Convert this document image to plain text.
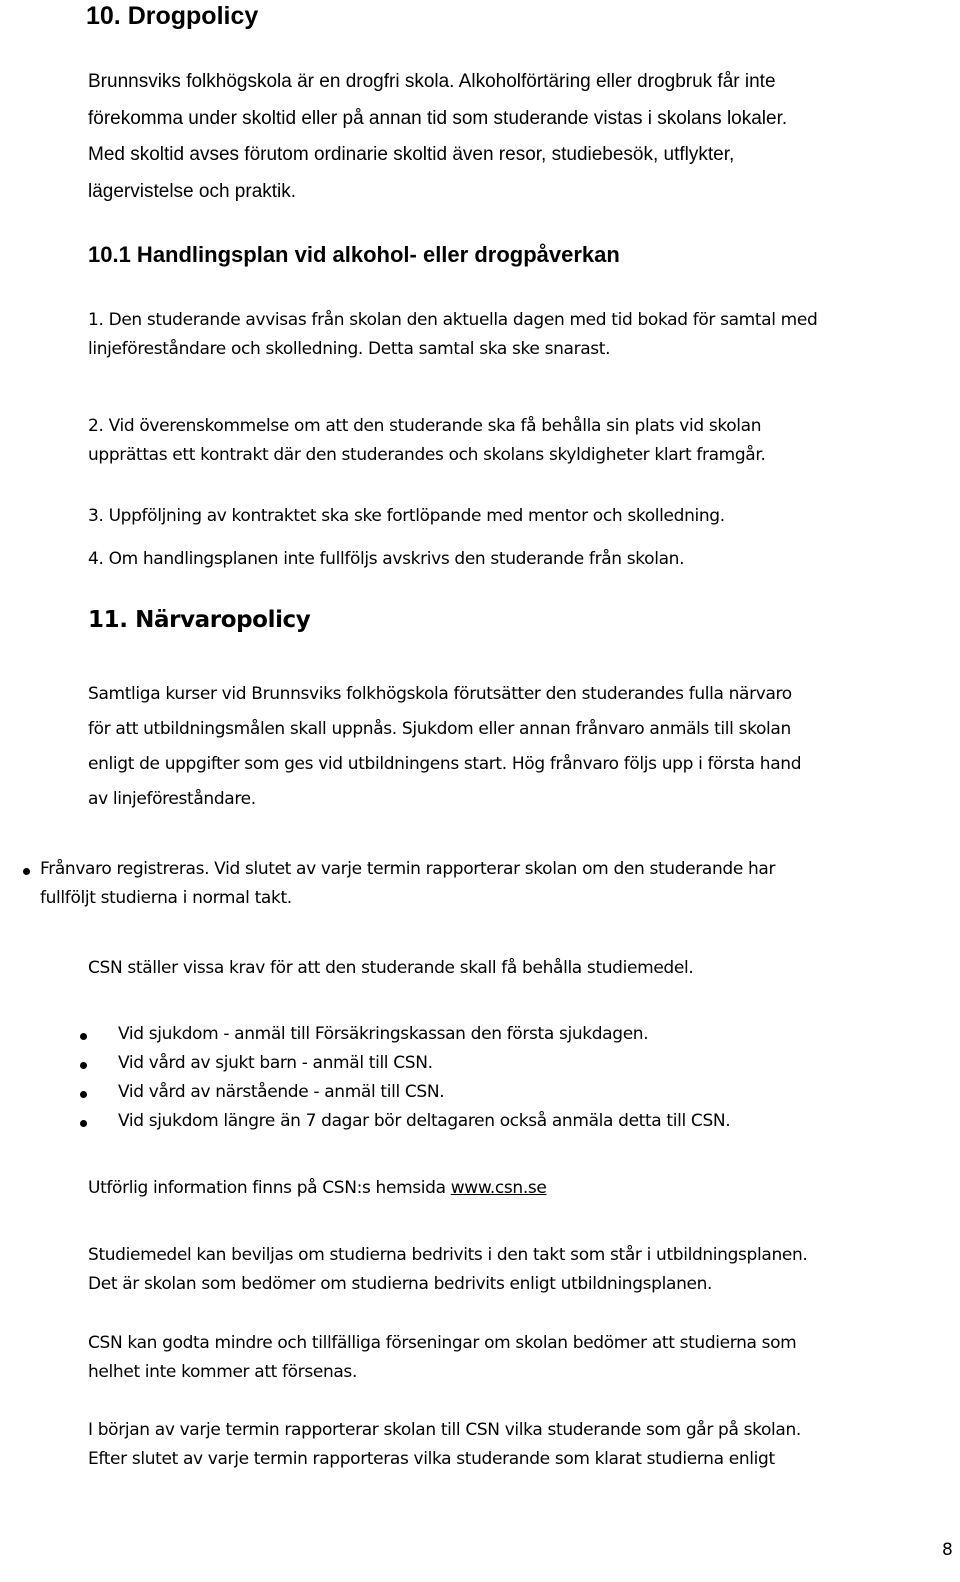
10. Drogpolicy

Brunnsviks folkhögskola är en drogfri skola. Alkoholförtäring eller drogbruk får inte
förekomma under skoltid eller på annan tid som studerande vistas i skolans lokaler.
Med skoltid avses förutom ordinarie skoltid även resor, studiebesök, utflykter,
lägervistelse och praktik.

10.1 Handlingsplan vid alkohol- eller drogpåverkan

1. Den studerande avvisas från skolan den aktuella dagen med tid bokad för samtal med
linjeföreståndare och skolledning. Detta samtal ska ske snarast.

2. Vid överenskommelse om att den studerande ska få behålla sin plats vid skolan
upprättas ett kontrakt där den studerandes och skolans skyldigheter klart framgår.

3. Uppföljning av kontraktet ska ske fortlöpande med mentor och skolledning.

4. Om handlingsplanen inte fullföljs avskrivs den studerande från skolan.

11. Närvaropolicy

Samtliga kurser vid Brunnsviks folkhögskola förutsätter den studerandes fulla närvaro
för att utbildningsmålen skall uppnås. Sjukdom eller annan frånvaro anmäls till skolan
enligt de uppgifter som ges vid utbildningens start. Hög frånvaro följs upp i första hand
av linjeföreståndare.

Frånvaro registreras. Vid slutet av varje termin rapporterar skolan om den studerande har
fullföljt studierna i normal takt.

CSN ställer vissa krav för att den studerande skall få behålla studiemedel.

Vid sjukdom - anmäl till Försäkringskassan den första sjukdagen.
Vid vård av sjukt barn - anmäl till CSN.
Vid vård av närstående - anmäl till CSN.
Vid sjukdom längre än 7 dagar bör deltagaren också anmäla detta till CSN.

Utförlig information finns på CSN:s hemsida www.csn.se

Studiemedel kan beviljas om studierna bedrivits i den takt som står i utbildningsplanen.
Det är skolan som bedömer om studierna bedrivits enligt utbildningsplanen.

CSN kan godta mindre och tillfälliga förseningar om skolan bedömer att studierna som
helhet inte kommer att försenas.

I början av varje termin rapporterar skolan till CSN vilka studerande som går på skolan.
Efter slutet av varje termin rapporteras vilka studerande som klarat studierna enligt

8
